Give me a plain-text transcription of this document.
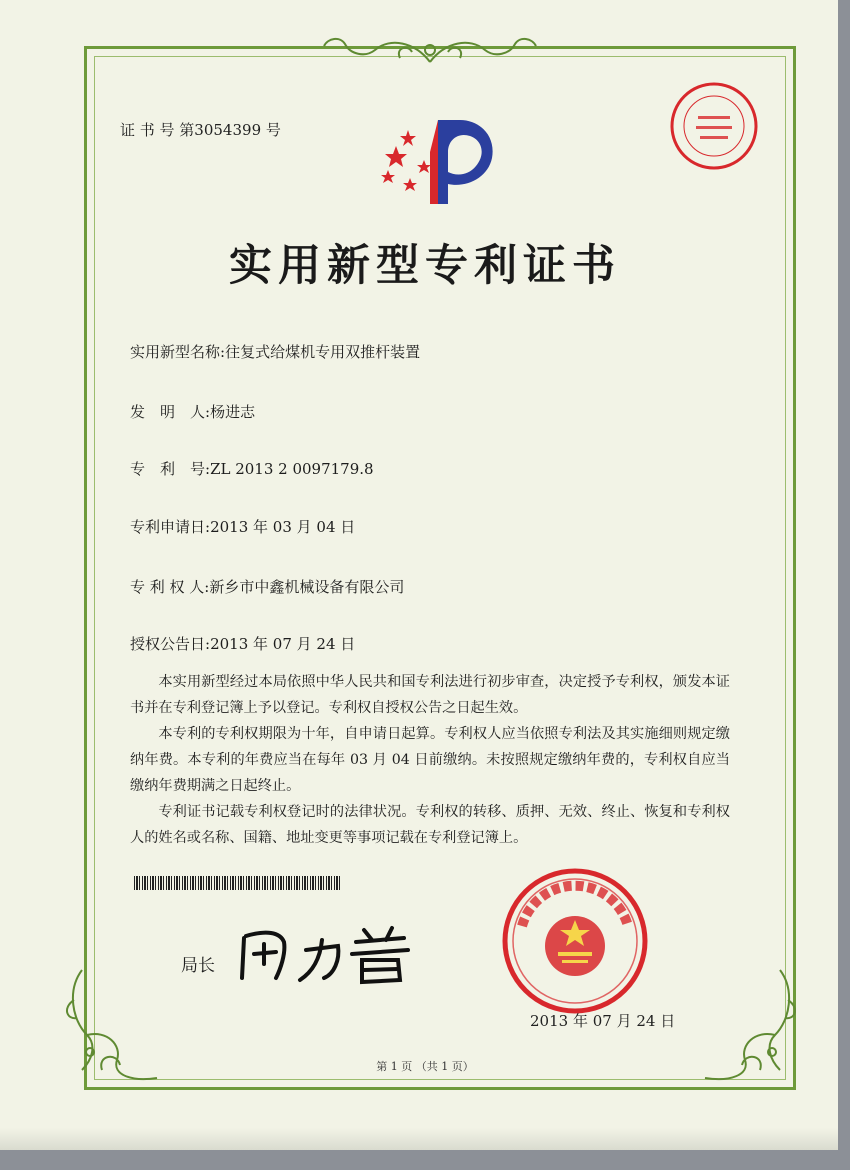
证 书 号 第3054399 号
实用新型专利证书
实用新型名称:往复式给煤机专用双推杆装置
发　明　人:杨进志
专　利　号:ZL 2013 2 0097179.8
专利申请日:2013 年 03 月 04 日
专 利 权 人:新乡市中鑫机械设备有限公司
授权公告日:2013 年 07 月 24 日

本实用新型经过本局依照中华人民共和国专利法进行初步审查，决定授予专利权，颁发本证书并在专利登记簿上予以登记。专利权自授权公告之日起生效。

本专利的专利权期限为十年，自申请日起算。专利权人应当依照专利法及其实施细则规定缴纳年费。本专利的年费应当在每年 03 月 04 日前缴纳。未按照规定缴纳年费的，专利权自应当缴纳年费期满之日起终止。

专利证书记载专利权登记时的法律状况。专利权的转移、质押、无效、终止、恢复和专利权人的姓名或名称、国籍、地址变更等事项记载在专利登记簿上。

局长
2013 年 07 月 24 日
第 1 页 （共 1 页）
